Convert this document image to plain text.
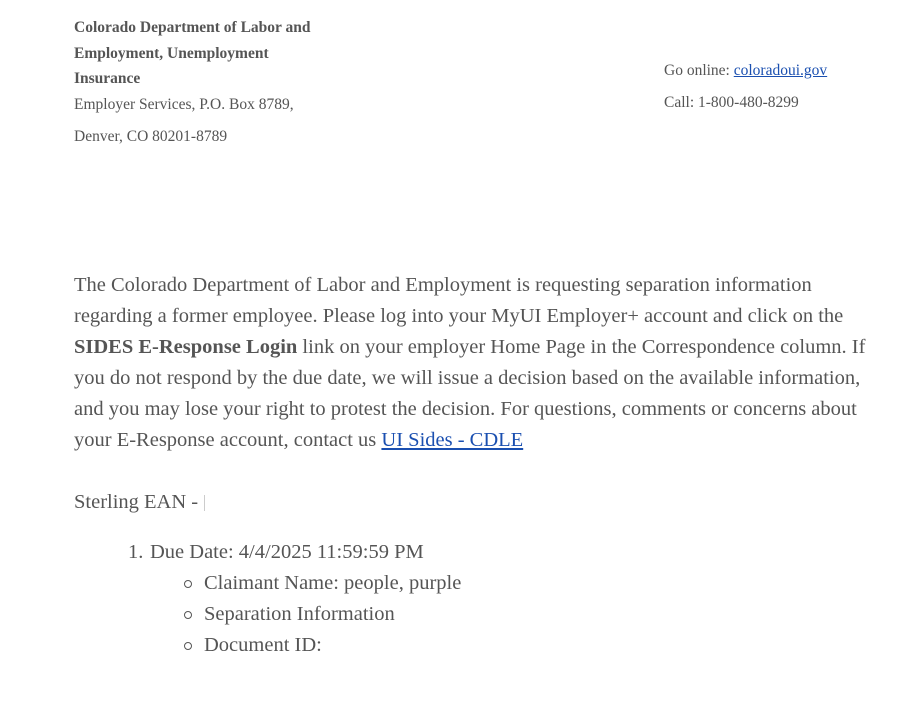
Colorado Department of Labor and
Employment, Unemployment
Insurance

Employer Services, P.O. Box 8789,

Denver, CO 80201-8789

Go online: coloradoui.gov
Call: 1-800-480-8299

The Colorado Department of Labor and Employment is requesting separation information regarding a former employee. Please log into your MyUI Employer+ account and click on the SIDES E-Response Login link on your employer Home Page in the Correspondence column. If you do not respond by the due date, we will issue a decision based on the available information, and you may lose your right to protest the decision. For questions, comments or concerns about your E-Response account, contact us UI Sides - CDLE

Sterling EAN -

1. Due Date: 4/4/2025 11:59:59 PM
Claimant Name: people, purple
Separation Information
Document ID:
